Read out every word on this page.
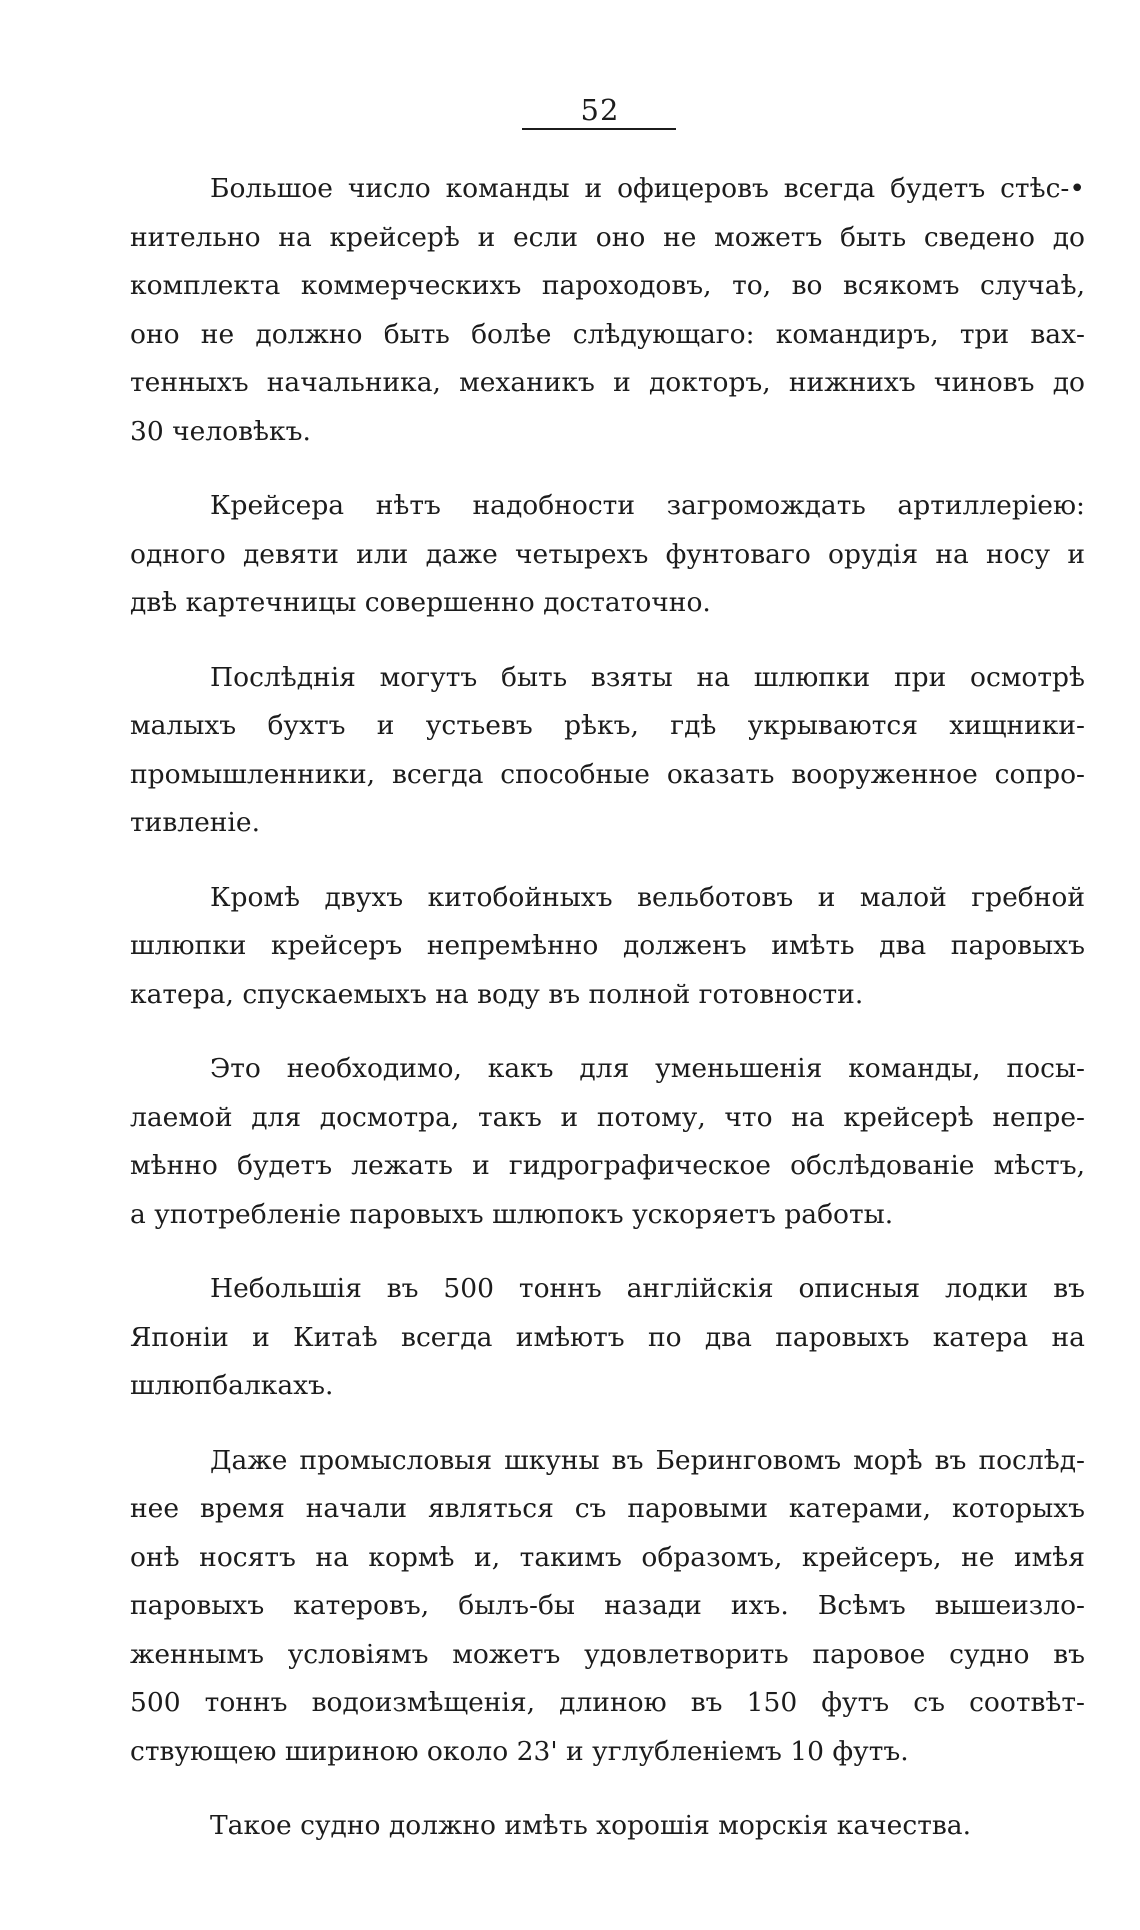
52
Большое число команды и офицеровъ всегда будетъ стѣс-•
нительно на крейсерѣ и если оно не можетъ быть сведено до
комплекта коммерческихъ пароходовъ, то, во всякомъ случаѣ,
оно не должно быть болѣе слѣдующаго: командиръ, три вах-
тенныхъ начальника, механикъ и докторъ, нижнихъ чиновъ до
30 человѣкъ.
Крейсера нѣтъ надобности загромождать артиллеріею:
одного девяти или даже четырехъ фунтоваго орудія на носу и
двѣ картечницы совершенно достаточно.
Послѣднія могутъ быть взяты на шлюпки при осмотрѣ
малыхъ бухтъ и устьевъ рѣкъ, гдѣ укрываются хищники-
промышленники, всегда способные оказать вооруженное сопро-
тивленіе.
Кромѣ двухъ китобойныхъ вельботовъ и малой гребной
шлюпки крейсеръ непремѣнно долженъ имѣть два паровыхъ
катера, спускаемыхъ на воду въ полной готовности.
Это необходимо, какъ для уменьшенія команды, посы-
лаемой для досмотра, такъ и потому, что на крейсерѣ непре-
мѣнно будетъ лежать и гидрографическое обслѣдованіе мѣстъ,
а употребленіе паровыхъ шлюпокъ ускоряетъ работы.
Небольшія въ 500 тоннъ англійскія описныя лодки въ
Японіи и Китаѣ всегда имѣютъ по два паровыхъ катера на
шлюпбалкахъ.
Даже промысловыя шкуны въ Беринговомъ морѣ въ послѣд-
нее время начали являться съ паровыми катерами, которыхъ
онѣ носятъ на кормѣ и, такимъ образомъ, крейсеръ, не имѣя
паровыхъ катеровъ, былъ-бы назади ихъ. Всѣмъ вышеизло-
женнымъ условіямъ можетъ удовлетворить паровое судно въ
500 тоннъ водоизмѣщенія, длиною въ 150 футъ съ соотвѣт-
ствующею шириною около 23' и углубленіемъ 10 футъ.
Такое судно должно имѣть хорошія морскія качества.
